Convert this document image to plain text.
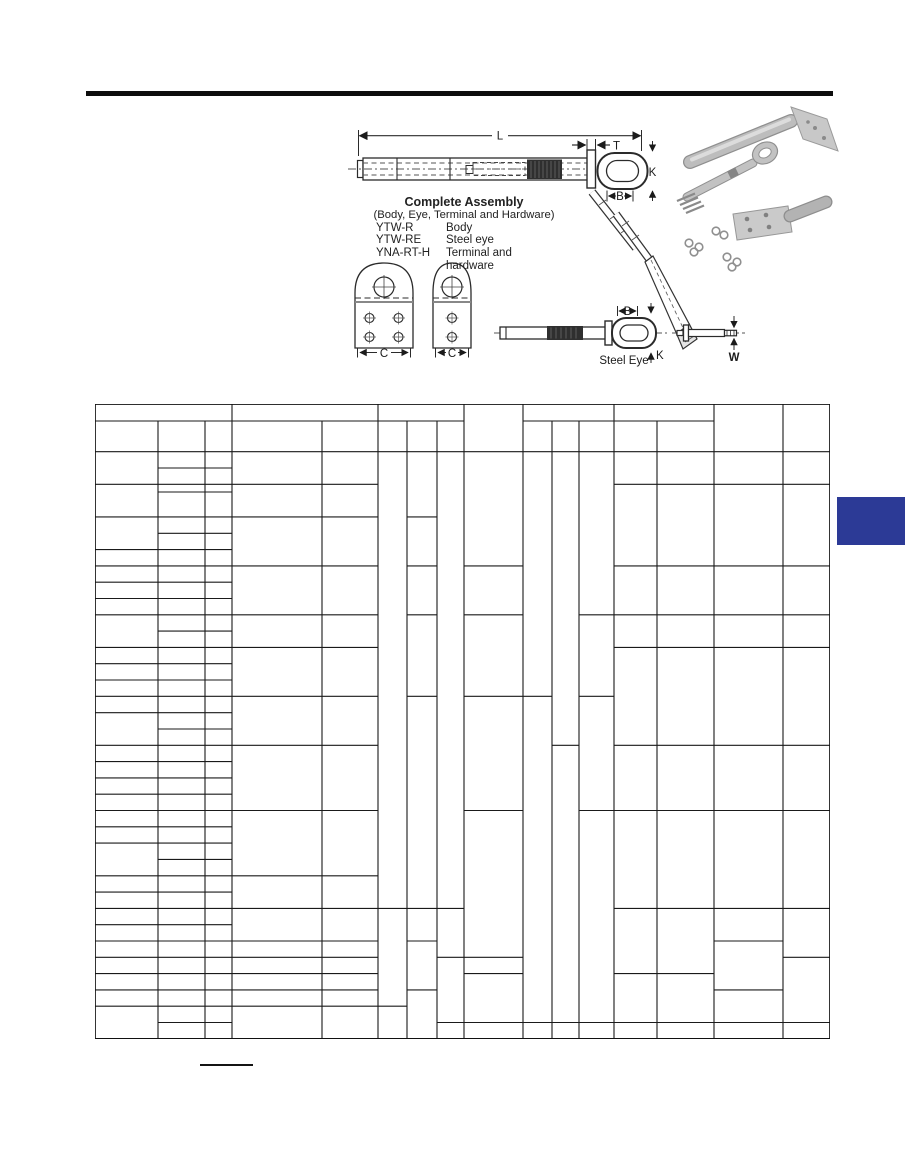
L
T
K
B
C	C
B
K	W
Steel Eye
Complete Assembly
(Body, Eye, Terminal and Hardware)
YTW-R	Body
YTW-RE	Steel eye
YNA-RT-H	Terminal and hardware
